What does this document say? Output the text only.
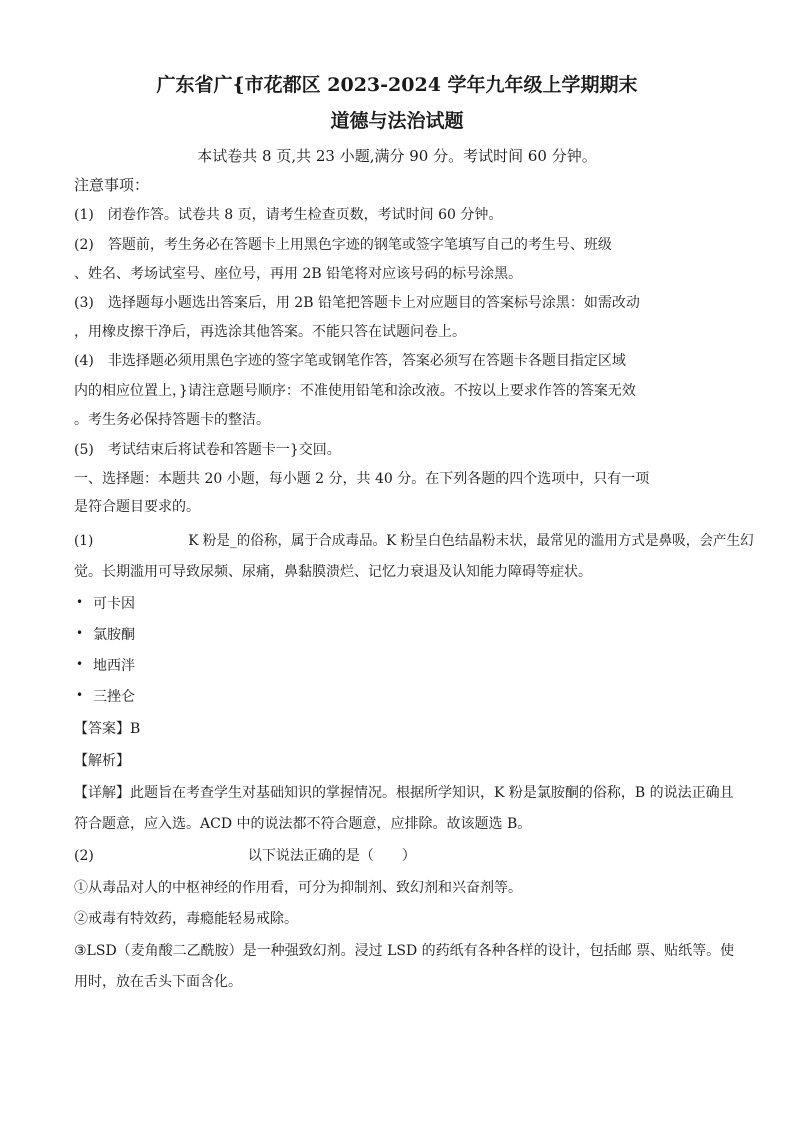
广东省广{市花都区 2023-2024 学年九年级上学期期末
道德与法治试题
本试卷共 8 页,共 23 小题,满分 90 分。考试时间 60 分钟。
注意事项：
(1)　闭卷作答。试卷共 8 页，请考生检查页数，考试时间 60 分钟。
(2)　答题前，考生务必在答题卡上用黑色字迹的钢笔或签字笔填写自己的考生号、班级
、姓名、考场试室号、座位号，再用 2B 铅笔将对应该号码的标号涂黑。
(3)　选择题每小题选出答案后，用 2B 铅笔把答题卡上对应题目的答案标号涂黑：如需改动
，用橡皮擦干净后，再选涂其他答案。不能只答在试题问卷上。
(4)　非选择题必须用黑色字迹的签字笔或钢笔作答，答案必须写在答题卡各题目指定区域
内的相应位置上，}请注意题号顺序：不准使用铅笔和涂改液。不按以上要求作答的答案无效
。考生务必保持答题卡的整洁。
(5)　考试结束后将试卷和答题卡一}交回。
一、选择题：本题共 20 小题，每小题 2 分，共 40 分。在下列各题的四个选项中，只有一项
是符合题目要求的。
(1)　　　　　　　K 粉是_的俗称，属于合成毒品。K 粉呈白色结晶粉末状，最常见的滥用方式是鼻吸，会产生幻
觉。长期滥用可导致尿频、尿痛，鼻黏膜溃烂、记忆力衰退及认知能力障碍等症状。
• 可卡因
• 氯胺酮
• 地西泮
• 三挫仑
【答案】B
【解析】
【详解】此题旨在考查学生对基础知识的掌握情况。根据所学知识，K 粉是氯胺酮的俗称，B 的说法正确且
符合题意，应入选。ACD 中的说法都不符合题意，应排除。故该题选 B。
(2)　　　　　　　　　　　以下说法正确的是（　　）
①从毒品对人的中枢神经的作用看，可分为抑制剂、致幻剂和兴奋剂等。
②戒毒有特效药，毒瘾能轻易戒除。
③LSD（麦角酸二乙酰胺）是一种强致幻剂。浸过 LSD 的药纸有各种各样的设计，包括邮 票、贴纸等。使
用时，放在舌头下面含化。
